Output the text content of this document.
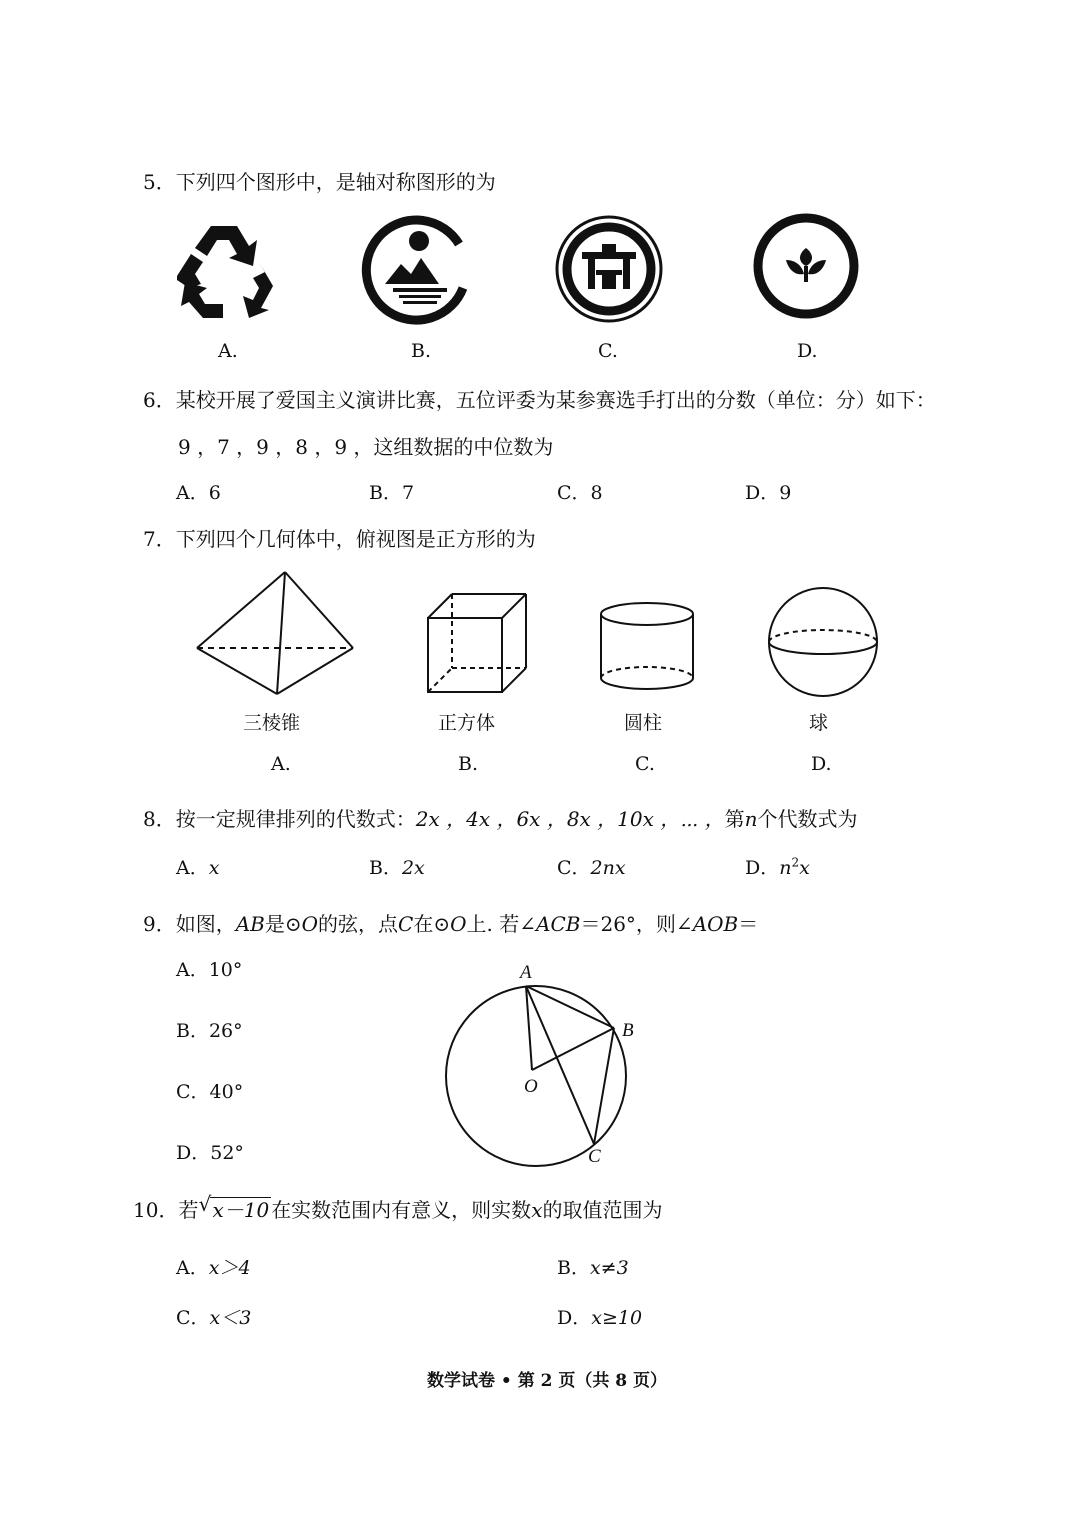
5．下列四个图形中，是轴对称图形的为
A.	B.	C.	D.
6．某校开展了爱国主义演讲比赛，五位评委为某参赛选手打出的分数（单位：分）如下：
9 ，7 ，9 ，8 ，9 ，这组数据的中位数为
A．6	B．7	C．8	D．9
7．下列四个几何体中，俯视图是正方形的为
三棱锥	正方体	圆柱	球
A.	B.	C.	D.
8．按一定规律排列的代数式：2x ，4x ，6x ，8x ，10x ，⋯ ，第n个代数式为
A．x	B．2x	C．2nx	D．$n^2x$
9．如图，AB是⊙O的弦，点C在⊙O上. 若∠ACB＝26°，则∠AOB＝
A．10°
B．26°
C．40°
D．52°
A
B
O
C
10．若 √ x－10 在实数范围内有意义，则实数x的取值范围为
A．x＞4	B．x≠3
C．x＜3	D．x≥10
数学试卷 • 第 2 页（共 8 页）
